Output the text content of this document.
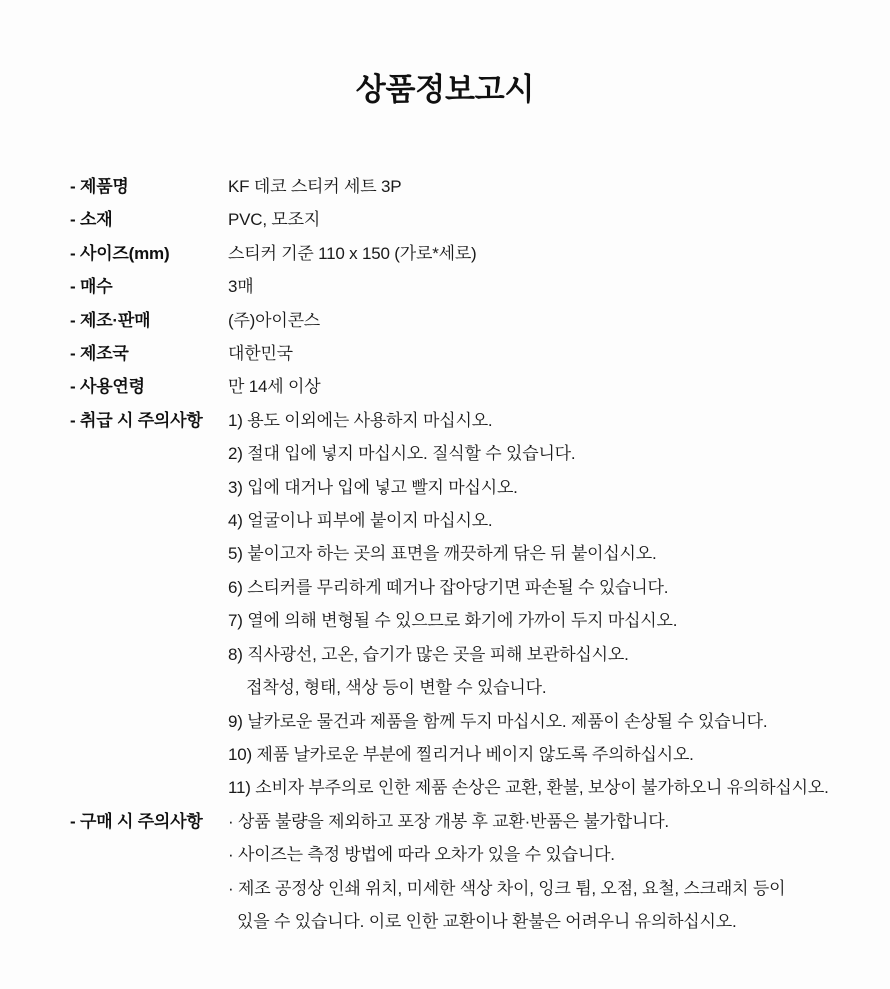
상품정보고시
- 제품명	KF 데코 스티커 세트 3P
- 소재	PVC, 모조지
- 사이즈(mm)	스티커 기준 110 x 150 (가로*세로)
- 매수	3매
- 제조·판매	(주)아이콘스
- 제조국	대한민국
- 사용연령	만 14세 이상
- 취급 시 주의사항	1) 용도 이외에는 사용하지 마십시오.
2) 절대 입에 넣지 마십시오. 질식할 수 있습니다.
3) 입에 대거나 입에 넣고 빨지 마십시오.
4) 얼굴이나 피부에 붙이지 마십시오.
5) 붙이고자 하는 곳의 표면을 깨끗하게 닦은 뒤 붙이십시오.
6) 스티커를 무리하게 떼거나 잡아당기면 파손될 수 있습니다.
7) 열에 의해 변형될 수 있으므로 화기에 가까이 두지 마십시오.
8) 직사광선, 고온, 습기가 많은 곳을 피해 보관하십시오.
접착성, 형태, 색상 등이 변할 수 있습니다.
9) 날카로운 물건과 제품을 함께 두지 마십시오. 제품이 손상될 수 있습니다.
10) 제품 날카로운 부분에 찔리거나 베이지 않도록 주의하십시오.
11) 소비자 부주의로 인한 제품 손상은 교환, 환불, 보상이 불가하오니 유의하십시오.
- 구매 시 주의사항	· 상품 불량을 제외하고 포장 개봉 후 교환·반품은 불가합니다.
· 사이즈는 측정 방법에 따라 오차가 있을 수 있습니다.
· 제조 공정상 인쇄 위치, 미세한 색상 차이, 잉크 튐, 오점, 요철, 스크래치 등이
있을 수 있습니다. 이로 인한 교환이나 환불은 어려우니 유의하십시오.
